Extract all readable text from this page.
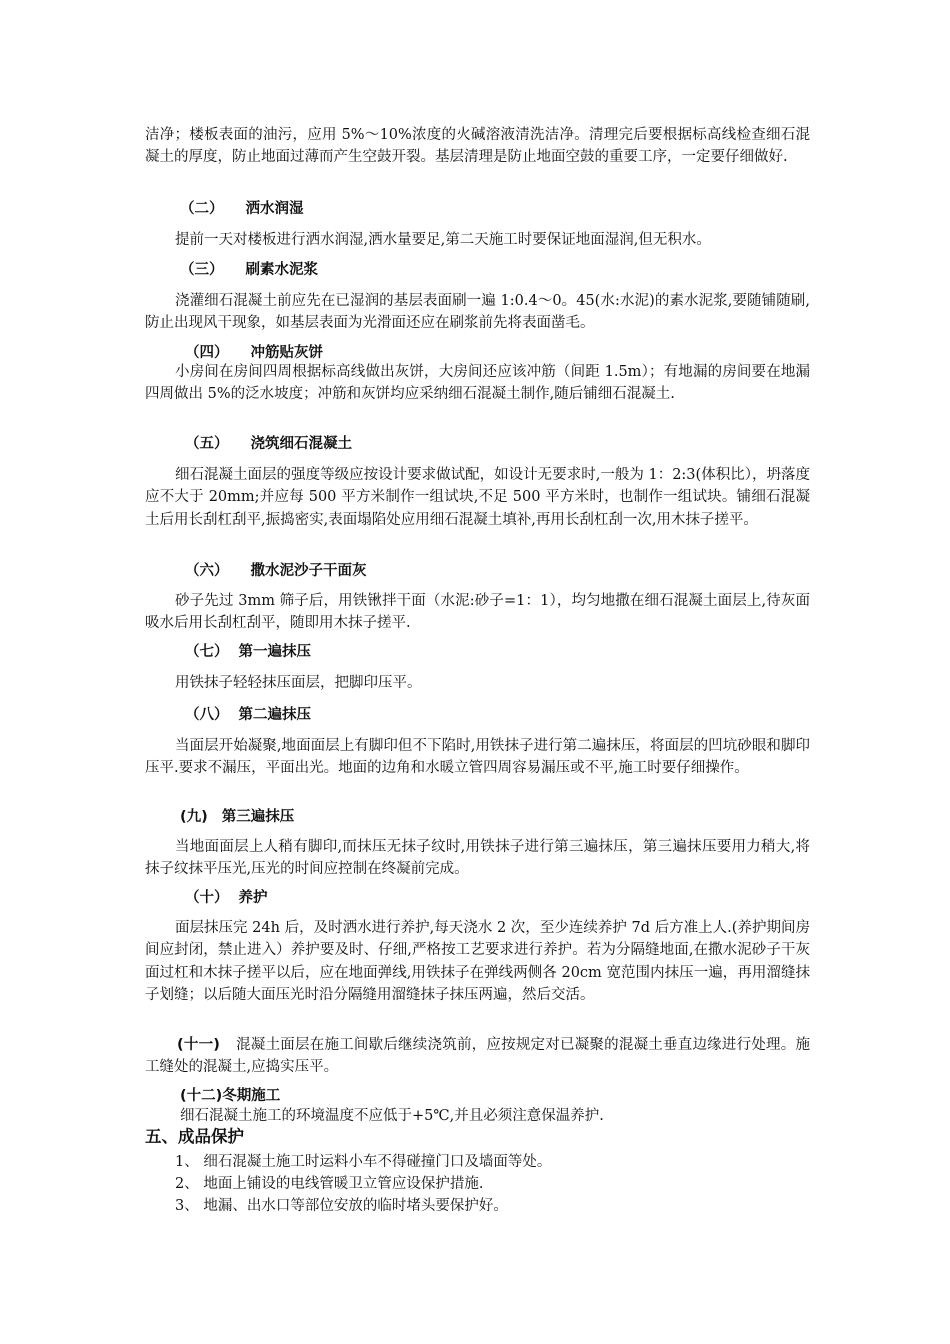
洁净；楼板表面的油污，应用 5%～10%浓度的火碱溶液清洗洁净。清理完后要根据标高线检查细石混凝土的厚度，防止地面过薄而产生空鼓开裂。基层清理是防止地面空鼓的重要工序，一定要仔细做好.

（二） 洒水润湿

提前一天对楼板进行洒水润湿,洒水量要足,第二天施工时要保证地面湿润,但无积水。

（三） 刷素水泥浆

浇灌细石混凝土前应先在已湿润的基层表面刷一遍 1:0.4～0。45(水:水泥)的素水泥浆,要随铺随刷,防止出现风干现象，如基层表面为光滑面还应在刷浆前先将表面凿毛。

（四） 冲筋贴灰饼

小房间在房间四周根据标高线做出灰饼，大房间还应该冲筋（间距 1.5m）；有地漏的房间要在地漏四周做出 5%的泛水坡度；冲筋和灰饼均应采纳细石混凝土制作,随后铺细石混凝土.

（五） 浇筑细石混凝土

细石混凝土面层的强度等级应按设计要求做试配，如设计无要求时,一般为 1：2:3(体积比），坍落度应不大于 20mm;并应每 500 平方米制作一组试块,不足 500 平方米时，也制作一组试块。铺细石混凝土后用长刮杠刮平,振捣密实,表面塌陷处应用细石混凝土填补,再用长刮杠刮一次,用木抹子搓平。

（六） 撒水泥沙子干面灰

砂子先过 3mm 筛子后，用铁锹拌干面（水泥:砂子=1：1），均匀地撒在细石混凝土面层上,待灰面吸水后用长刮杠刮平，随即用木抹子搓平.

（七） 第一遍抹压

用铁抹子轻轻抹压面层，把脚印压平。

（八） 第二遍抹压

当面层开始凝聚,地面面层上有脚印但不下陷时,用铁抹子进行第二遍抹压，将面层的凹坑砂眼和脚印压平.要求不漏压，平面出光。地面的边角和水暖立管四周容易漏压或不平,施工时要仔细操作。

(九) 第三遍抹压

当地面面层上人稍有脚印,而抹压无抹子纹时,用铁抹子进行第三遍抹压，第三遍抹压要用力稍大,将抹子纹抹平压光,压光的时间应控制在终凝前完成。

（十） 养护

面层抹压完 24h 后，及时洒水进行养护,每天浇水 2 次，至少连续养护 7d 后方准上人.(养护期间房间应封闭，禁止进入）养护要及时、仔细,严格按工艺要求进行养护。若为分隔缝地面,在撒水泥砂子干灰面过杠和木抹子搓平以后，应在地面弹线,用铁抹子在弹线两侧各 20cm 宽范围内抹压一遍，再用溜缝抹子划缝；以后随大面压光时沿分隔缝用溜缝抹子抹压两遍，然后交活。

(十一) 混凝土面层在施工间歇后继续浇筑前，应按规定对已凝聚的混凝土垂直边缘进行处理。施工缝处的混凝土,应捣实压平。

(十二)冬期施工

细石混凝土施工的环境温度不应低于+5℃,并且必须注意保温养护.

五、成品保护

1、 细石混凝土施工时运料小车不得碰撞门口及墙面等处。

2、 地面上铺设的电线管暖卫立管应设保护措施.

3、 地漏、出水口等部位安放的临时堵头要保护好。
